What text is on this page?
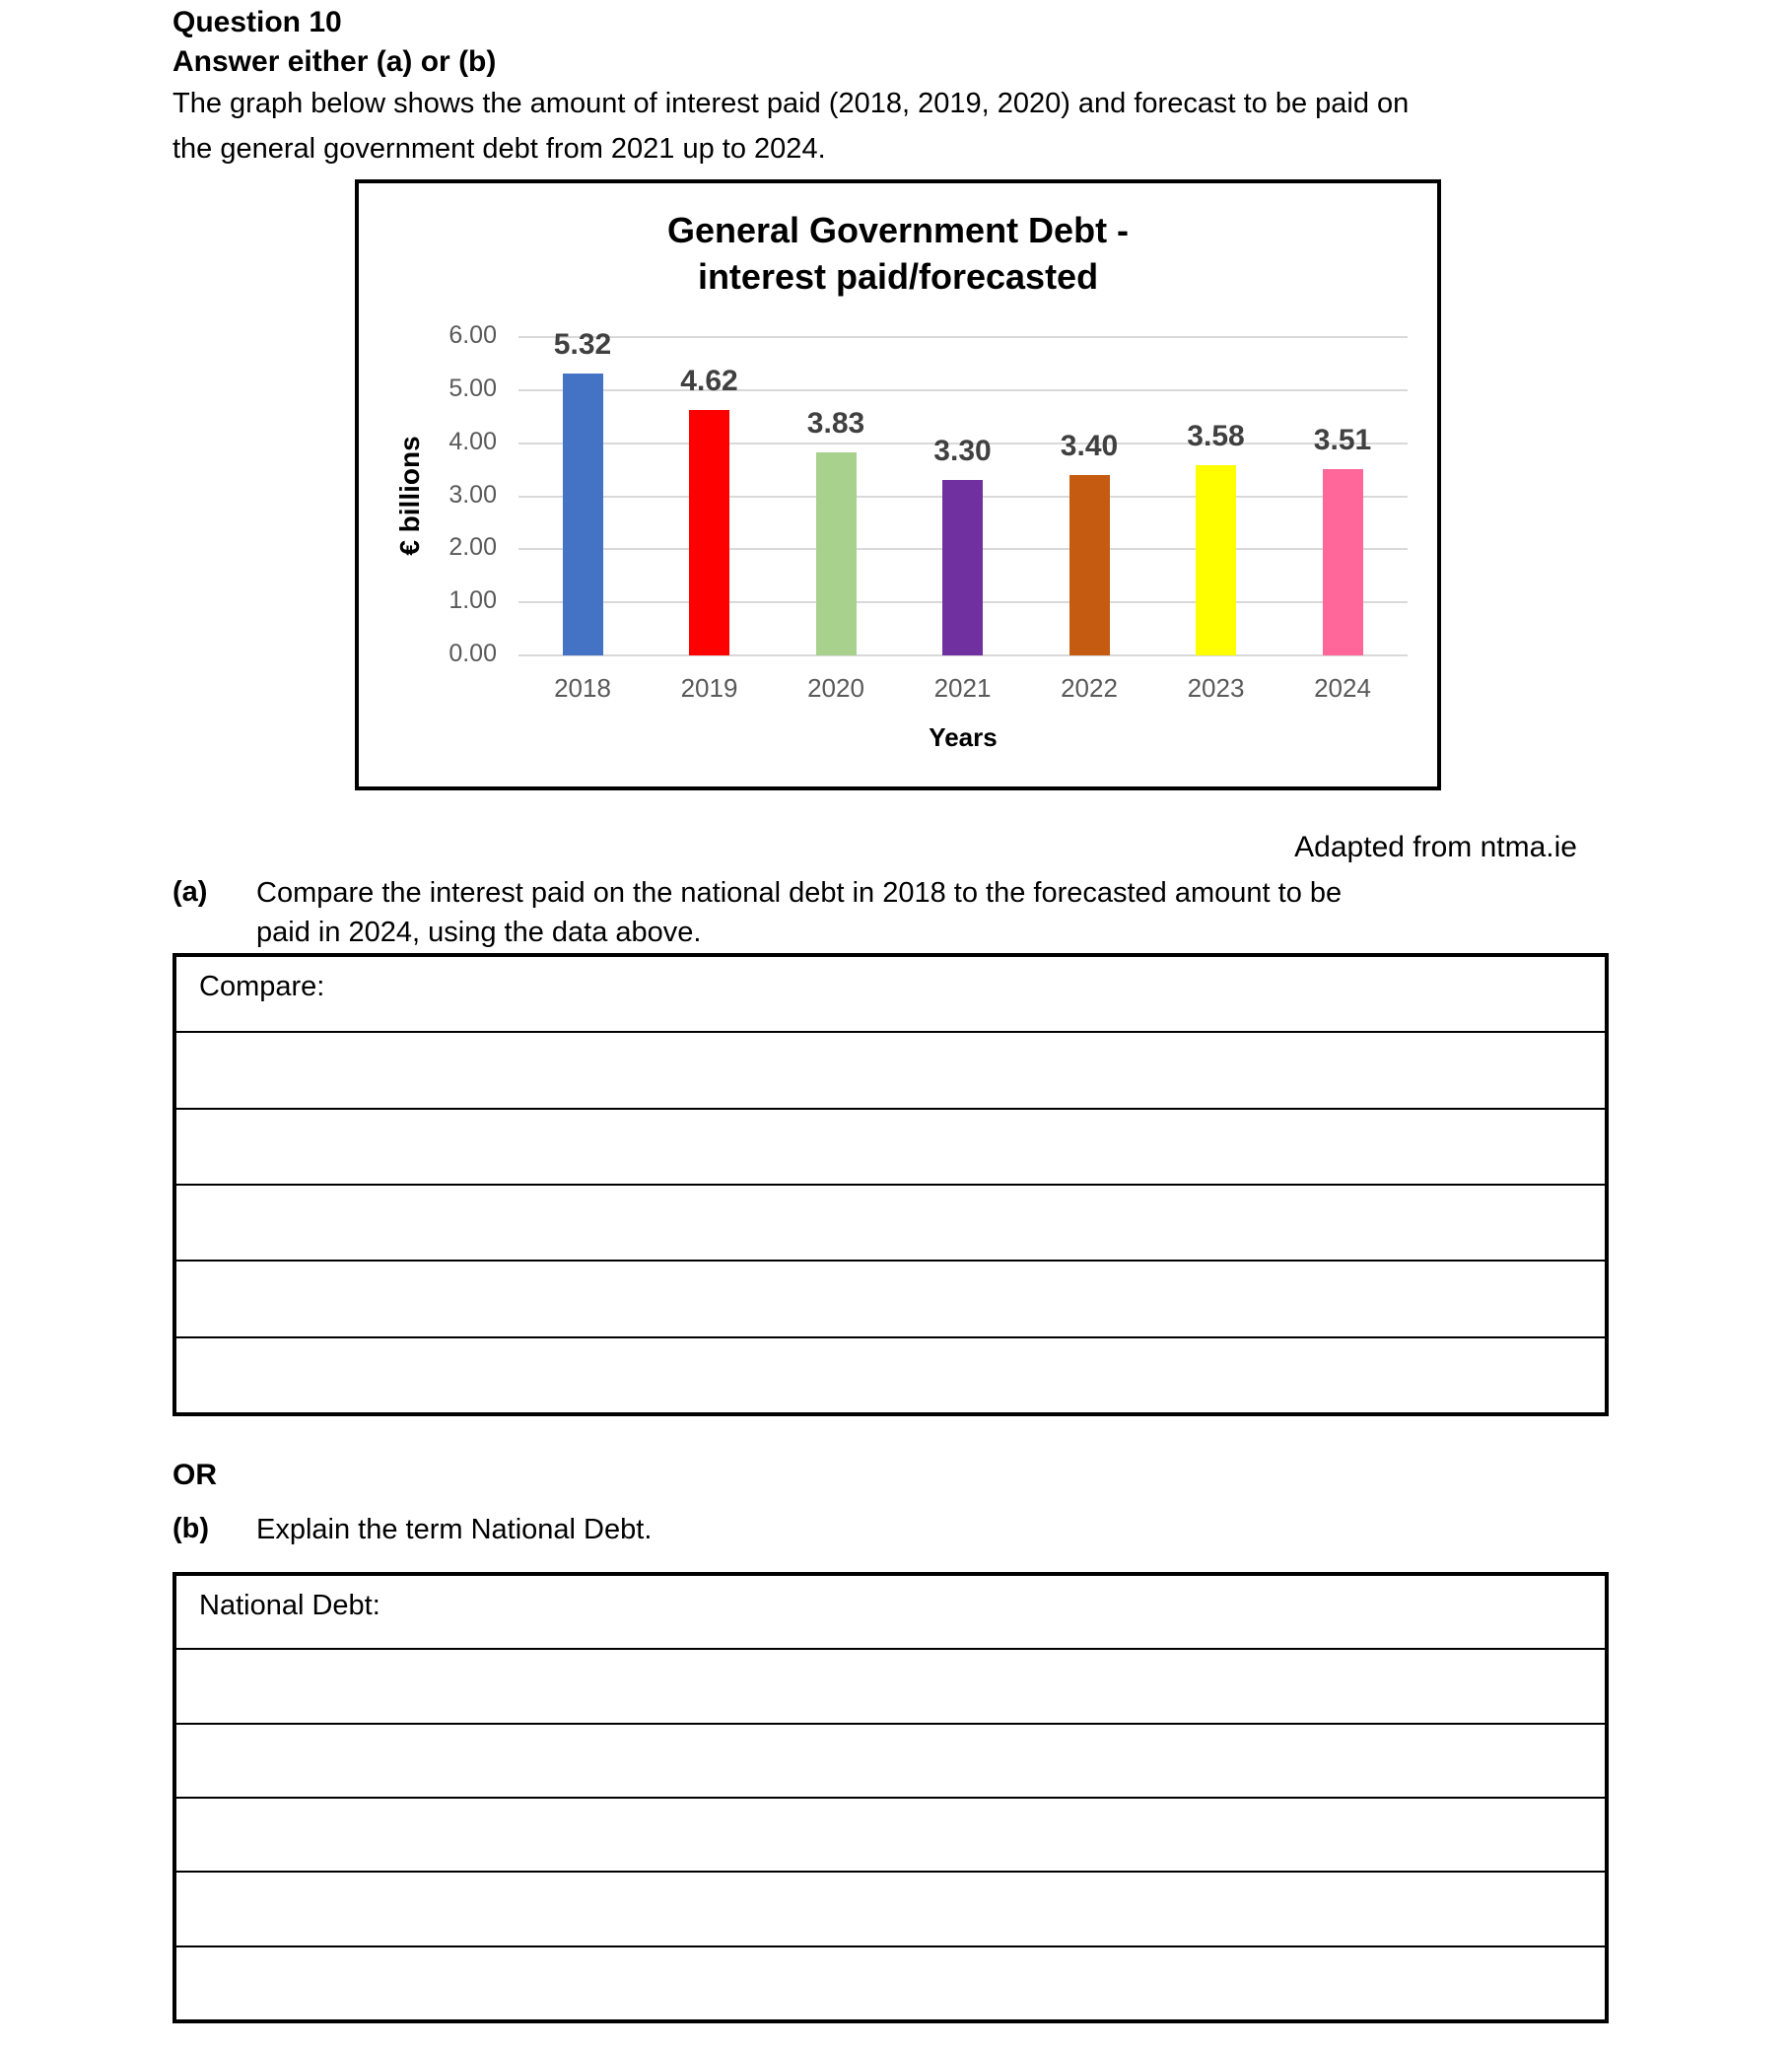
Question 10
Answer either (a) or (b)
The graph below shows the amount of interest paid (2018, 2019, 2020) and forecast to be paid on
the general government debt from 2021 up to 2024.
General Government Debt -
interest paid/forecasted
6.00
5.00
4.00
3.00
2.00
1.00
0.00
5.32
2018
4.62
2019
3.83
2020
3.30
2021
3.40
2022
3.58
2023
3.51
2024
€ billions
Years
Adapted from ntma.ie
(a) Compare the interest paid on the national debt in 2018 to the forecasted amount to be
paid in 2024, using the data above.
Compare:
OR
(b) Explain the term National Debt.
National Debt:
